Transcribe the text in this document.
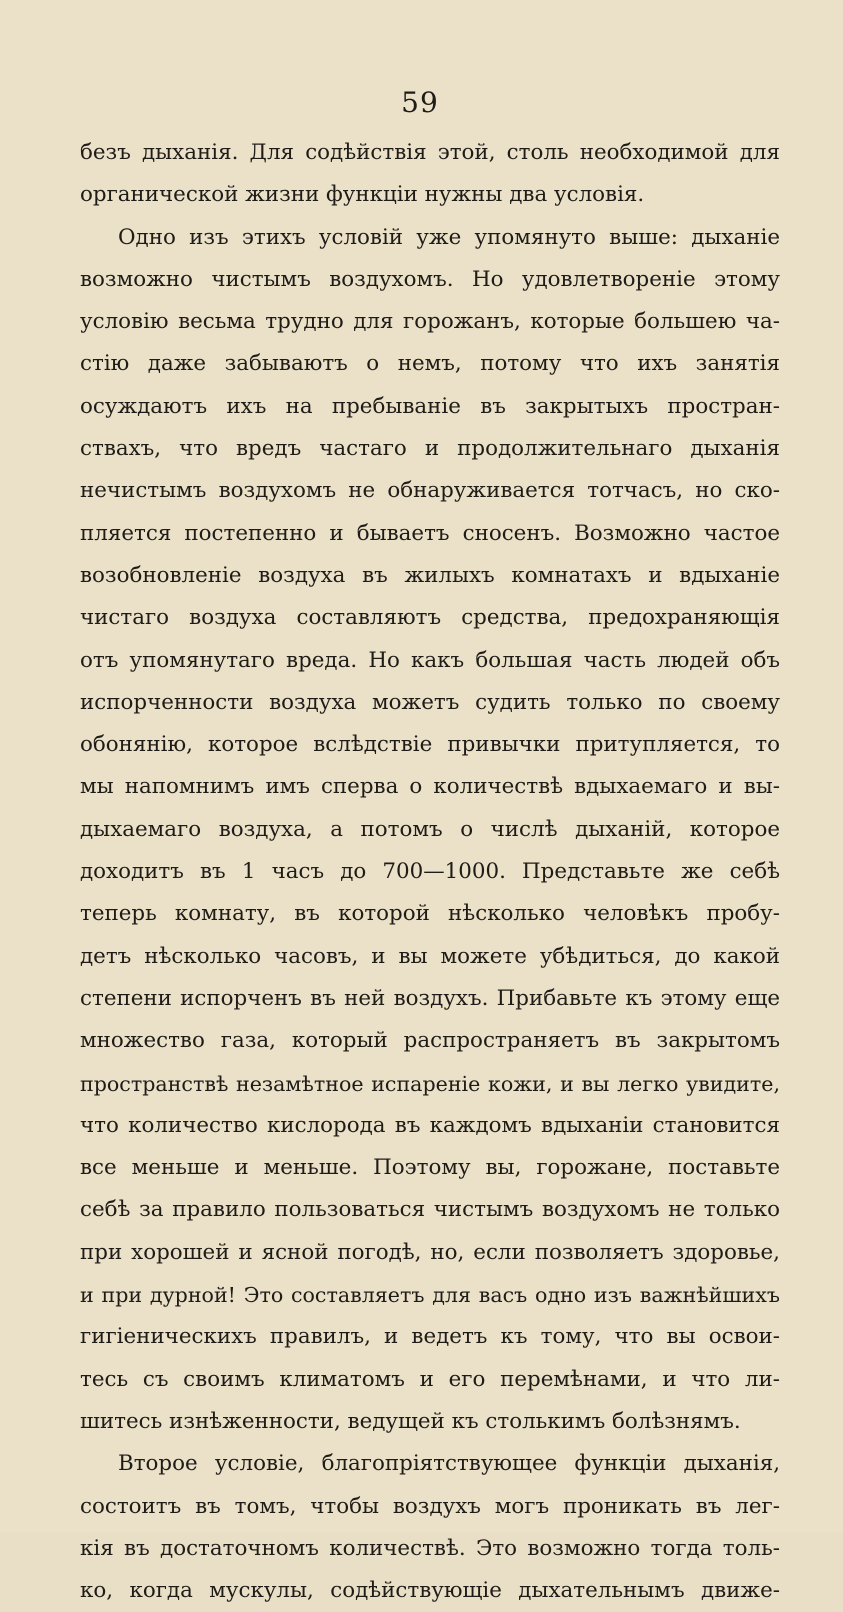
59
безъ дыханія. Для содѣйствія этой, столь необходимой для
органической жизни функціи нужны два условія.
Одно изъ этихъ условій уже упомянуто выше: дыханіе
возможно чистымъ воздухомъ. Но удовлетвореніе этому
условію весьма трудно для горожанъ, которые большею ча-
стію даже забываютъ о немъ, потому что ихъ занятія
осуждаютъ ихъ на пребываніе въ закрытыхъ простран-
ствахъ, что вредъ частаго и продолжительнаго дыханія
нечистымъ воздухомъ не обнаруживается тотчасъ, но ско-
пляется постепенно и бываетъ сносенъ. Возможно частое
возобновленіе воздуха въ жилыхъ комнатахъ и вдыханіе
чистаго воздуха составляютъ средства, предохраняющія
отъ упомянутаго вреда. Но какъ большая часть людей объ
испорченности воздуха можетъ судить только по своему
обонянію, которое вслѣдствіе привычки притупляется, то
мы напомнимъ имъ сперва о количествѣ вдыхаемаго и вы-
дыхаемаго воздуха, а потомъ о числѣ дыханій, которое
доходитъ въ 1 часъ до 700—1000. Представьте же себѣ
теперь комнату, въ которой нѣсколько человѣкъ пробу-
детъ нѣсколько часовъ, и вы можете убѣдиться, до какой
степени испорченъ въ ней воздухъ. Прибавьте къ этому еще
множество газа, который распространяетъ въ закрытомъ
пространствѣ незамѣтное испареніе кожи, и вы легко увидите,
что количество кислорода въ каждомъ вдыханіи становится
все меньше и меньше. Поэтому вы, горожане, поставьте
себѣ за правило пользоваться чистымъ воздухомъ не только
при хорошей и ясной погодѣ, но, если позволяетъ здоровье,
и при дурной! Это составляетъ для васъ одно изъ важнѣйшихъ
гигіеническихъ правилъ, и ведетъ къ тому, что вы освои-
тесь съ своимъ климатомъ и его перемѣнами, и что ли-
шитесь изнѣженности, ведущей къ столькимъ болѣзнямъ.
Второе условіе, благопріятствующее функціи дыханія,
состоитъ въ томъ, чтобы воздухъ могъ проникать въ лег-
кія въ достаточномъ количествѣ. Это возможно тогда толь-
ко, когда мускулы, содѣйствующіе дыхательнымъ движе-
